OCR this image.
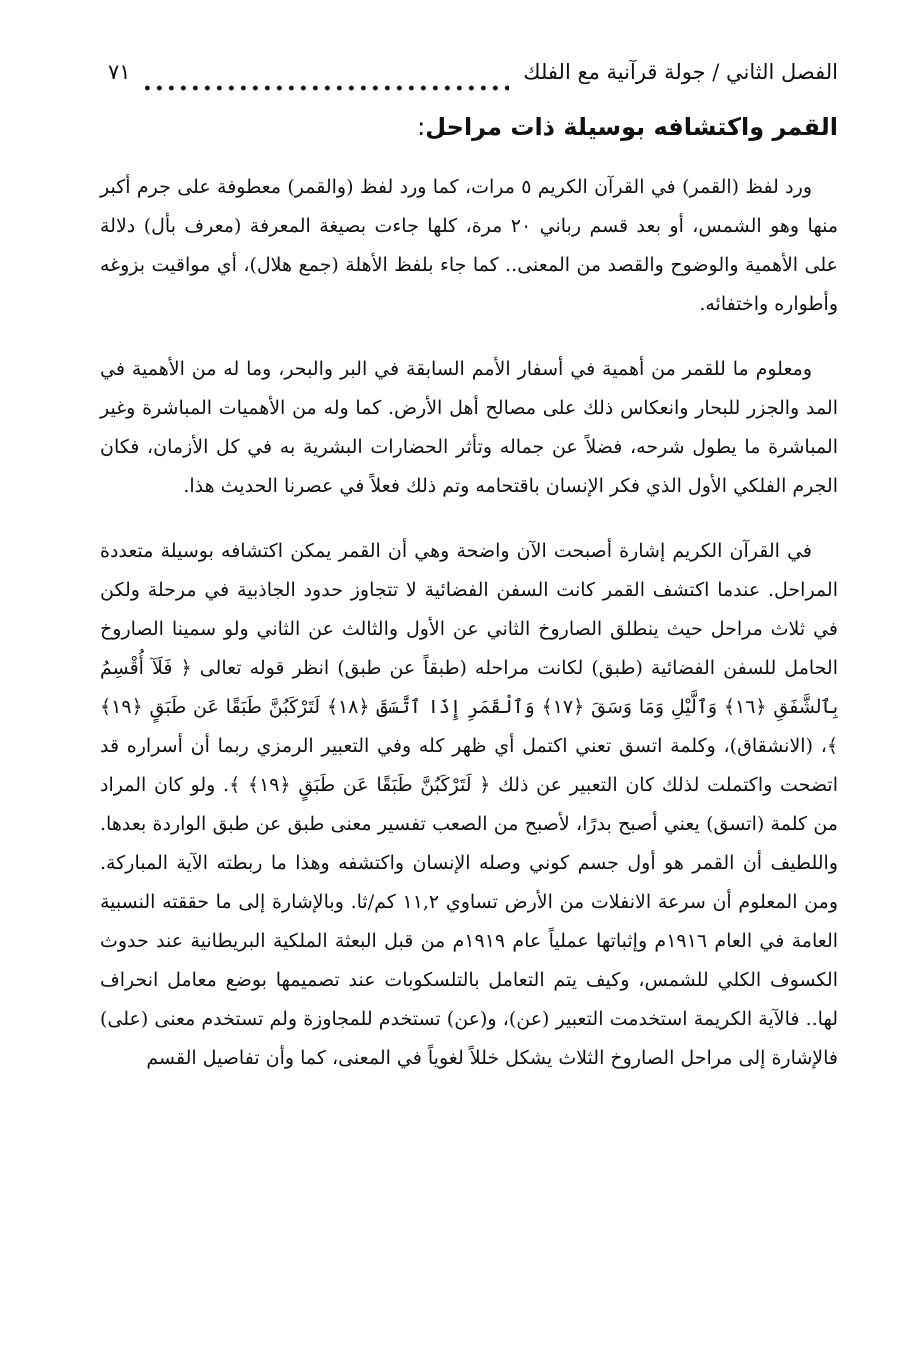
الفصل الثاني / جولة قرآنية مع الفلك
٧١
القمر واكتشافه بوسيلة ذات مراحل:

ورد لفظ (القمر) في القرآن الكريم ٥ مرات، كما ورد لفظ (والقمر) معطوفة على جرم أكبر منها وهو الشمس، أو بعد قسم رباني ٢٠ مرة، كلها جاءت بصيغة المعرفة (معرف بأل) دلالة على الأهمية والوضوح والقصد من المعنى.. كما جاء بلفظ الأهلة (جمع هلال)، أي مواقيت بزوغه وأطواره واختفائه.

ومعلوم ما للقمر من أهمية في أسفار الأمم السابقة في البر والبحر، وما له من الأهمية في المد والجزر للبحار وانعكاس ذلك على مصالح أهل الأرض. كما وله من الأهميات المباشرة وغير المباشرة ما يطول شرحه، فضلاً عن جماله وتأثر الحضارات البشرية به في كل الأزمان، فكان الجرم الفلكي الأول الذي فكر الإنسان باقتحامه وتم ذلك فعلاً في عصرنا الحديث هذا.

في القرآن الكريم إشارة أصبحت الآن واضحة وهي أن القمر يمكن اكتشافه بوسيلة متعددة المراحل. عندما اكتشف القمر كانت السفن الفضائية لا تتجاوز حدود الجاذبية في مرحلة ولكن في ثلاث مراحل حيث ينطلق الصاروخ الثاني عن الأول والثالث عن الثاني ولو سمينا الصاروخ الحامل للسفن الفضائية (طبق) لكانت مراحله (طبقاً عن طبق) انظر قوله تعالى ﴿ فَلَآ أُقْسِمُ بِٱلشَّفَقِ ﴿١٦﴾ وَٱلَّيْلِ وَمَا وَسَقَ ﴿١٧﴾ وَٱلْقَمَرِ إِذَا ٱتَّسَقَ ﴿١٨﴾ لَتَرْكَبُنَّ طَبَقًا عَن طَبَقٍ ﴿١٩﴾ ﴾، (الانشقاق)، وكلمة اتسق تعني اكتمل أي ظهر كله وفي التعبير الرمزي ربما أن أسراره قد اتضحت واكتملت لذلك كان التعبير عن ذلك ﴿ لَتَرْكَبُنَّ طَبَقًا عَن طَبَقٍ ﴿١٩﴾ ﴾. ولو كان المراد من كلمة (اتسق) يعني أصبح بدرًا، لأصبح من الصعب تفسير معنى طبق عن طبق الواردة بعدها. واللطيف أن القمر هو أول جسم كوني وصله الإنسان واكتشفه وهذا ما ربطته الآية المباركة. ومن المعلوم أن سرعة الانفلات من الأرض تساوي ١١,٢ كم/ثا. وبالإشارة إلى ما حققته النسبية العامة في العام ١٩١٦م وإثباتها عملياً عام ١٩١٩م من قبل البعثة الملكية البريطانية عند حدوث الكسوف الكلي للشمس، وكيف يتم التعامل بالتلسكوبات عند تصميمها بوضع معامل انحراف لها.. فالآية الكريمة استخدمت التعبير (عن)، و(عن) تستخدم للمجاوزة ولم تستخدم معنى (على) فالإشارة إلى مراحل الصاروخ الثلاث يشكل خللاً لغوياً في المعنى، كما وأن تفاصيل القسم
